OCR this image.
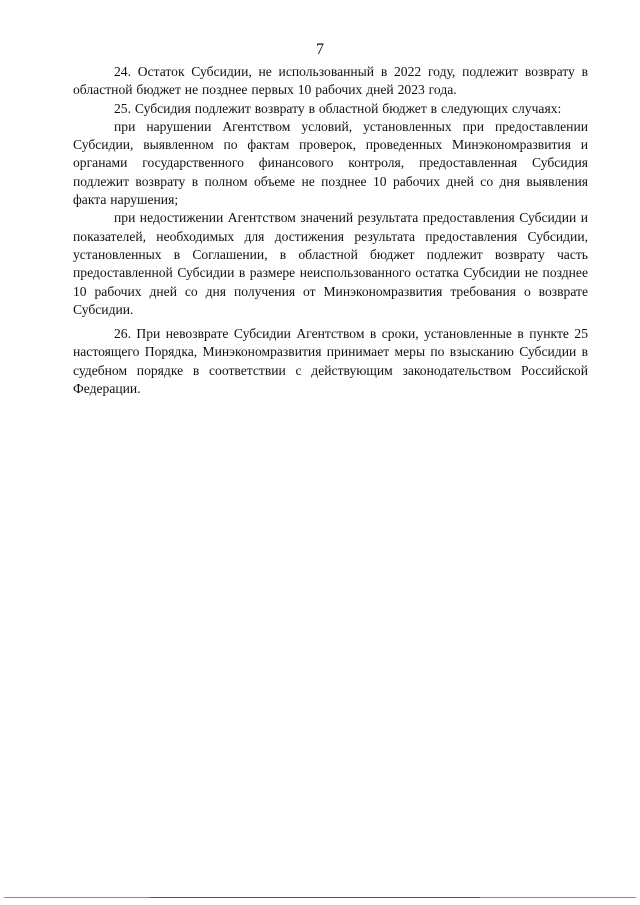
7

24. Остаток Субсидии, не использованный в 2022 году, подлежит возврату в областной бюджет не позднее первых 10 рабочих дней 2023 года.

25. Субсидия подлежит возврату в областной бюджет в следующих случаях:

при нарушении Агентством условий, установленных при предоставлении Субсидии, выявленном по фактам проверок, проведенных Минэкономразвития и органами государственного финансового контроля, предоставленная Субсидия подлежит возврату в полном объеме не позднее 10 рабочих дней со дня выявления факта нарушения;

при недостижении Агентством значений результата предоставления Субсидии и показателей, необходимых для достижения результата предоставления Субсидии, установленных в Соглашении, в областной бюджет подлежит возврату часть предоставленной Субсидии в размере неиспользованного остатка Субсидии не позднее 10 рабочих дней со дня получения от Минэкономразвития требования о возврате Субсидии.

26. При невозврате Субсидии Агентством в сроки, установленные в пункте 25 настоящего Порядка, Минэкономразвития принимает меры по взысканию Субсидии в судебном порядке в соответствии с действующим законодательством Российской Федерации.
